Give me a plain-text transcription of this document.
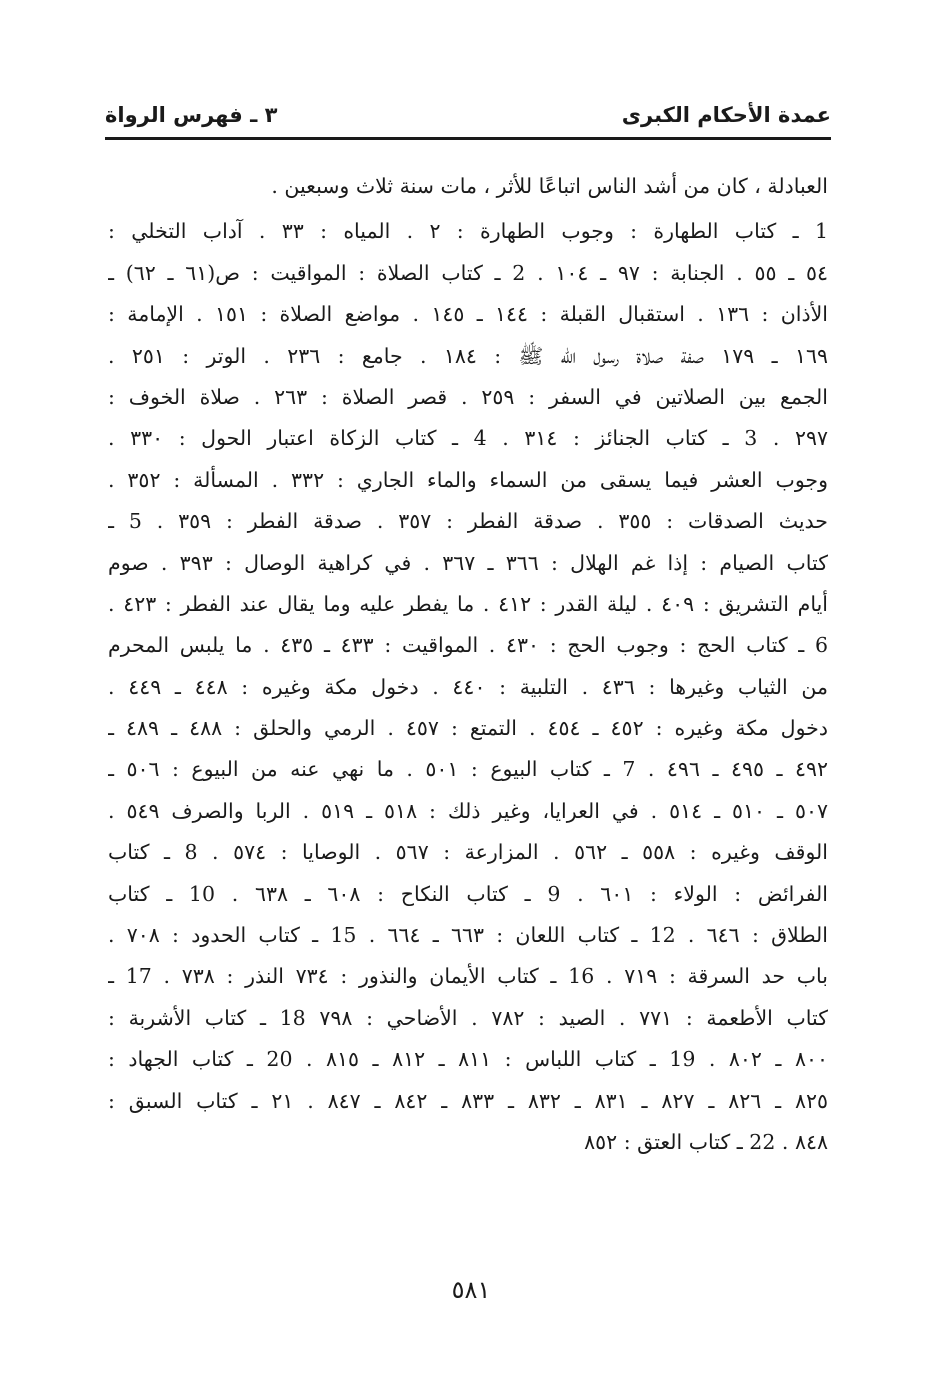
عمدة الأحكام الكبرى
٣ ـ فهرس الرواة
العبادلة ، كان من أشد الناس اتباعًا للأثر ، مات سنة ثلاث وسبعين .
1 ـ كتاب الطهارة : وجوب الطهارة : ٢ . المياه : ٣٣ . آداب التخلي :
٥٤ ـ ٥٥ . الجنابة : ٩٧ ـ ١٠٤ . 2 ـ كتاب الصلاة : المواقيت : ص(٦١ ـ ٦٢) ـ
الأذان : ١٣٦ . استقبال القبلة : ١٤٤ ـ ١٤٥ . مواضع الصلاة : ١٥١ . الإمامة :
١٦٩ ـ ١٧٩ صفة صلاة رسول الله ﷺ : ١٨٤ . جامع : ٢٣٦ . الوتر : ٢٥١ .
الجمع بين الصلاتين في السفر : ٢٥٩ . قصر الصلاة : ٢٦٣ . صلاة الخوف :
٢٩٧ . 3 ـ كتاب الجنائز : ٣١٤ . 4 ـ كتاب الزكاة اعتبار الحول : ٣٣٠ .
وجوب العشر فيما يسقى من السماء والماء الجاري : ٣٣٢ . المسألة : ٣٥٢ .
حديث الصدقات : ٣٥٥ . صدقة الفطر : ٣٥٧ . صدقة الفطر : ٣٥٩ . 5 ـ
كتاب الصيام : إذا غم الهلال : ٣٦٦ ـ ٣٦٧ . في كراهية الوصال : ٣٩٣ . صوم
أيام التشريق : ٤٠٩ . ليلة القدر : ٤١٢ . ما يفطر عليه وما يقال عند الفطر : ٤٢٣ .
6 ـ كتاب الحج : وجوب الحج : ٤٣٠ . المواقيت : ٤٣٣ ـ ٤٣٥ . ما يلبس المحرم
من الثياب وغيرها : ٤٣٦ . التلبية : ٤٤٠ . دخول مكة وغيره : ٤٤٨ ـ ٤٤٩ .
دخول مكة وغيره : ٤٥٢ ـ ٤٥٤ . التمتع : ٤٥٧ . الرمي والحلق : ٤٨٨ ـ ٤٨٩ ـ
٤٩٢ ـ ٤٩٥ ـ ٤٩٦ . 7 ـ كتاب البيوع : ٥٠١ . ما نهي عنه من البيوع : ٥٠٦ ـ
٥٠٧ ـ ٥١٠ ـ ٥١٤ . في العرايا، وغير ذلك : ٥١٨ ـ ٥١٩ . الربا والصرف ٥٤٩ .
الوقف وغيره : ٥٥٨ ـ ٥٦٢ . المزارعة : ٥٦٧ . الوصايا : ٥٧٤ . 8 ـ كتاب
الفرائض : الولاء : ٦٠١ . 9 ـ كتاب النكاح : ٦٠٨ ـ ٦٣٨ . 10 ـ كتاب
الطلاق : ٦٤٦ . 12 ـ كتاب اللعان : ٦٦٣ ـ ٦٦٤ . 15 ـ كتاب الحدود : ٧٠٨ .
باب حد السرقة : ٧١٩ . 16 ـ كتاب الأيمان والنذور : ٧٣٤ النذر : ٧٣٨ . 17 ـ
كتاب الأطعمة : ٧٧١ . الصيد : ٧٨٢ . الأضاحي : ٧٩٨ 18 ـ كتاب الأشربة :
٨٠٠ ـ ٨٠٢ . 19 ـ كتاب اللباس : ٨١١ ـ ٨١٢ ـ ٨١٥ . 20 ـ كتاب الجهاد :
٨٢٥ ـ ٨٢٦ ـ ٨٢٧ ـ ٨٣١ ـ ٨٣٢ ـ ٨٣٣ ـ ٨٤٢ ـ ٨٤٧ . ٢١ ـ كتاب السبق :
٨٤٨ . 22 ـ كتاب العتق : ٨٥٢
٥٨١
